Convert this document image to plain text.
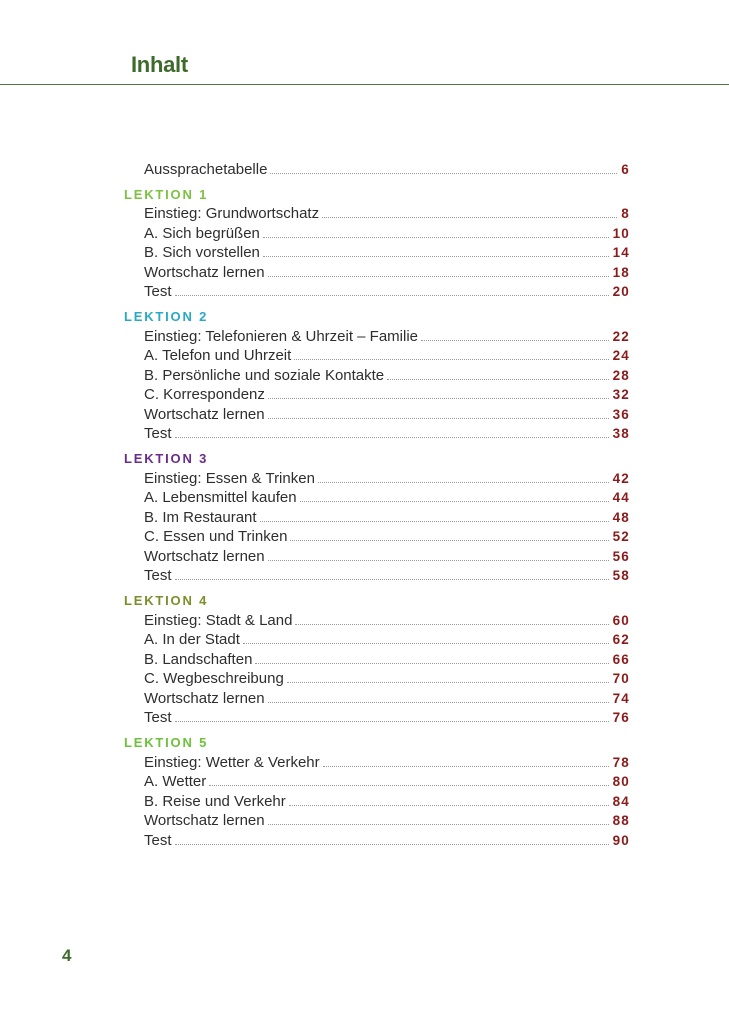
Inhalt
Aussprachetabelle	6
LEKTION 1
Einstieg: Grundwortschatz	8
A. Sich begrüßen	10
B. Sich vorstellen	14
Wortschatz lernen	18
Test	20
LEKTION 2
Einstieg: Telefonieren & Uhrzeit – Familie	22
A. Telefon und Uhrzeit	24
B. Persönliche und soziale Kontakte	28
C. Korrespondenz	32
Wortschatz lernen	36
Test	38
LEKTION 3
Einstieg: Essen & Trinken	42
A. Lebensmittel kaufen	44
B. Im Restaurant	48
C. Essen und Trinken	52
Wortschatz lernen	56
Test	58
LEKTION 4
Einstieg: Stadt & Land	60
A. In der Stadt	62
B. Landschaften	66
C. Wegbeschreibung	70
Wortschatz lernen	74
Test	76
LEKTION 5
Einstieg: Wetter & Verkehr	78
A. Wetter	80
B. Reise und Verkehr	84
Wortschatz lernen	88
Test	90
4
